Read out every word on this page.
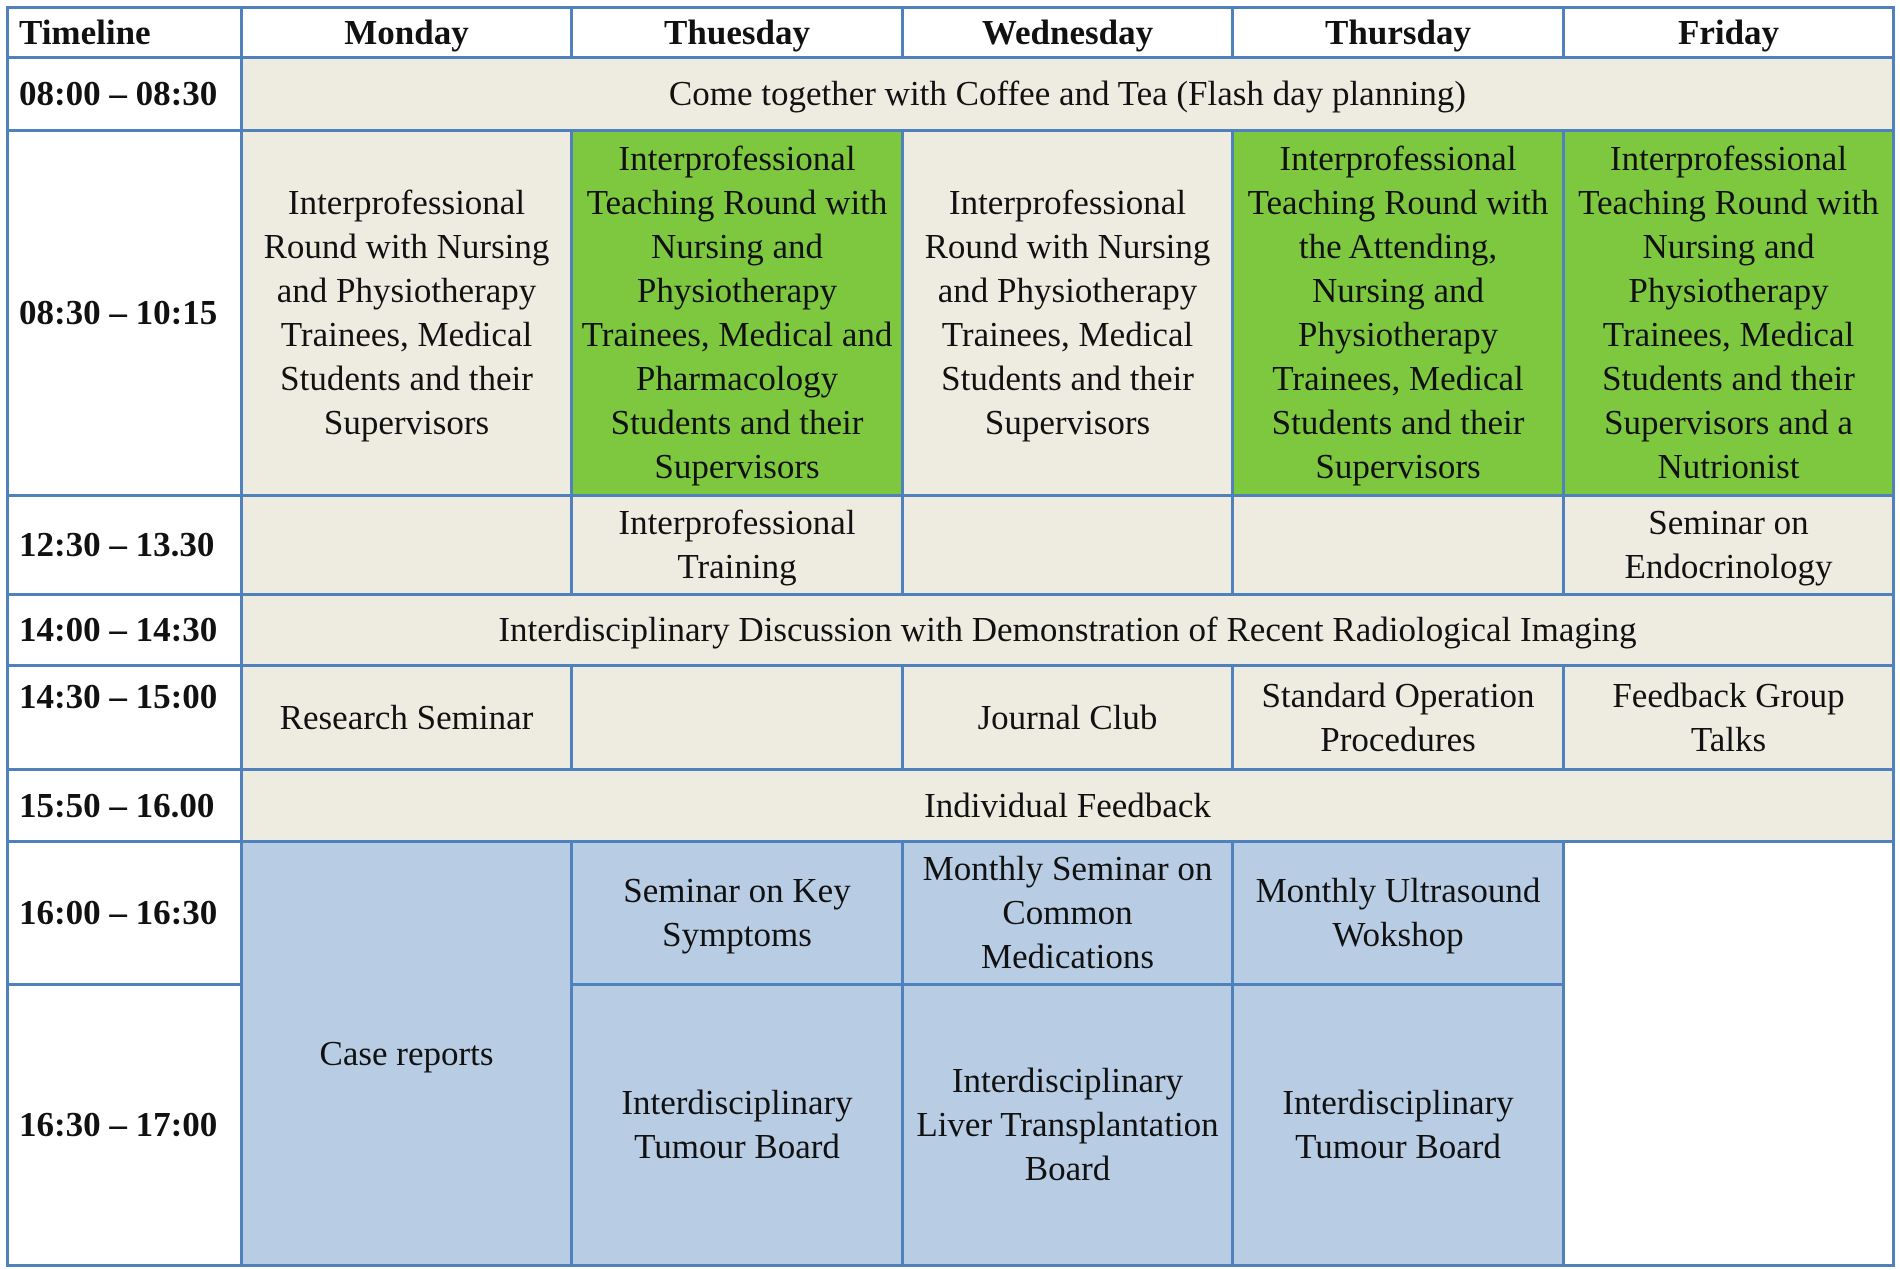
Timeline	Monday	Thuesday	Wednesday	Thursday	Friday
08:00 – 08:30	Come together with Coffee and Tea (Flash day planning)				
08:30 – 10:15	Interprofessional Round with Nursing and Physiotherapy Trainees, Medical Students and their Supervisors	Interprofessional Teaching Round with Nursing and Physiotherapy Trainees, Medical and Pharmacology Students and their Supervisors	Interprofessional Round with Nursing and Physiotherapy Trainees, Medical Students and their Supervisors	Interprofessional Teaching Round with the Attending, Nursing and Physiotherapy Trainees, Medical Students and their Supervisors	Interprofessional Teaching Round with Nursing and Physiotherapy Trainees, Medical Students and their Supervisors and a Nutrionist
12:30 – 13.30		Interprofessional Training			Seminar on Endocrinology
14:00 – 14:30	Interdisciplinary Discussion with Demonstration of Recent Radiological Imaging				
14:30 – 15:00	Research Seminar		Journal Club	Standard Operation Procedures	Feedback Group Talks
15:50 – 16.00	Individual Feedback				
16:00 – 16:30	Case reports	Seminar on Key Symptoms	Monthly Seminar on Common Medications	Monthly Ultrasound Wokshop	
16:30 – 17:00		Interdisciplinary Tumour Board	Interdisciplinary Liver Transplantation Board	Interdisciplinary Tumour Board	
